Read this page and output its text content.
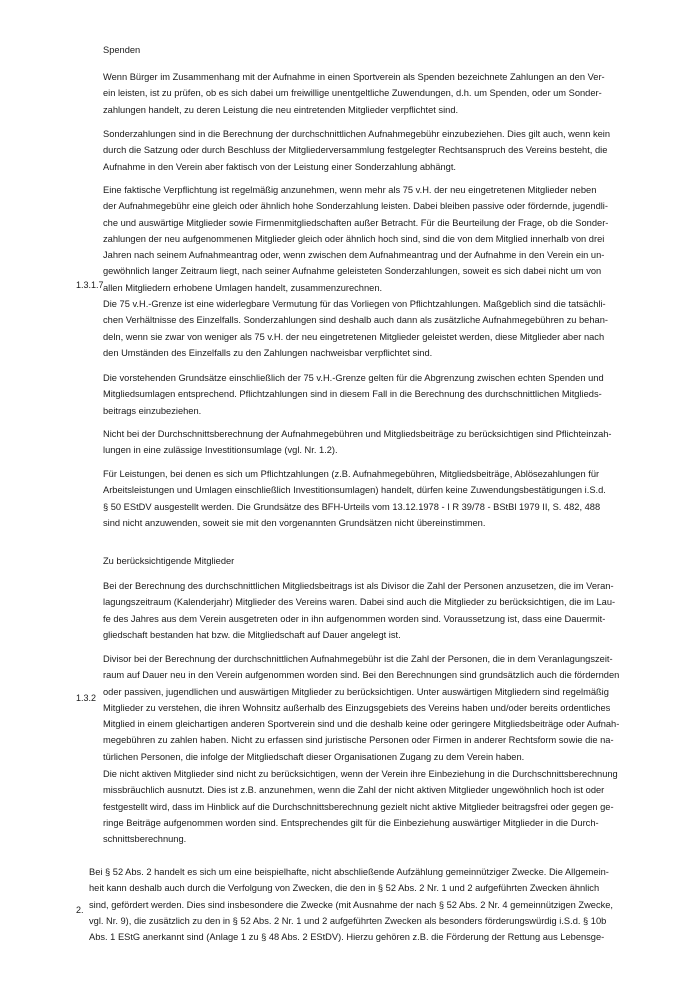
Spenden
1.3.1.7
Wenn Bürger im Zusammenhang mit der Aufnahme in einen Sportverein als Spenden bezeichnete Zahlungen an den Ver-
ein leisten, ist zu prüfen, ob es sich dabei um freiwillige unentgeltliche Zuwendungen, d.h. um Spenden, oder um Sonder-
zahlungen handelt, zu deren Leistung die neu eintretenden Mitglieder verpflichtet sind.
Sonderzahlungen sind in die Berechnung der durchschnittlichen Aufnahmegebühr einzubeziehen. Dies gilt auch, wenn kein
durch die Satzung oder durch Beschluss der Mitgliederversammlung festgelegter Rechtsanspruch des Vereins besteht, die
Aufnahme in den Verein aber faktisch von der Leistung einer Sonderzahlung abhängt.
Eine faktische Verpflichtung ist regelmäßig anzunehmen, wenn mehr als 75 v.H. der neu eingetretenen Mitglieder neben
der Aufnahmegebühr eine gleich oder ähnlich hohe Sonderzahlung leisten. Dabei bleiben passive oder fördernde, jugendli-
che und auswärtige Mitglieder sowie Firmenmitgliedschaften außer Betracht. Für die Beurteilung der Frage, ob die Sonder-
zahlungen der neu aufgenommenen Mitglieder gleich oder ähnlich hoch sind, sind die von dem Mitglied innerhalb von drei
Jahren nach seinem Aufnahmeantrag oder, wenn zwischen dem Aufnahmeantrag und der Aufnahme in den Verein ein un-
gewöhnlich langer Zeitraum liegt, nach seiner Aufnahme geleisteten Sonderzahlungen, soweit es sich dabei nicht um von
allen Mitgliedern erhobene Umlagen handelt, zusammenzurechnen.
Die 75 v.H.-Grenze ist eine widerlegbare Vermutung für das Vorliegen von Pflichtzahlungen. Maßgeblich sind die tatsächli-
chen Verhältnisse des Einzelfalls. Sonderzahlungen sind deshalb auch dann als zusätzliche Aufnahmegebühren zu behan-
deln, wenn sie zwar von weniger als 75 v.H. der neu eingetretenen Mitglieder geleistet werden, diese Mitglieder aber nach
den Umständen des Einzelfalls zu den Zahlungen nachweisbar verpflichtet sind.
Die vorstehenden Grundsätze einschließlich der 75 v.H.-Grenze gelten für die Abgrenzung zwischen echten Spenden und
Mitgliedsumlagen entsprechend. Pflichtzahlungen sind in diesem Fall in die Berechnung des durchschnittlichen Mitglieds-
beitrags einzubeziehen.
Nicht bei der Durchschnittsberechnung der Aufnahmegebühren und Mitgliedsbeiträge zu berücksichtigen sind Pflichteinzah-
lungen in eine zulässige Investitionsumlage (vgl. Nr. 1.2).
Für Leistungen, bei denen es sich um Pflichtzahlungen (z.B. Aufnahmegebühren, Mitgliedsbeiträge, Ablösezahlungen für
Arbeitsleistungen und Umlagen einschließlich Investitionsumlagen) handelt, dürfen keine Zuwendungsbestätigungen i.S.d.
§ 50 EStDV ausgestellt werden. Die Grundsätze des BFH-Urteils vom 13.12.1978 - I R 39/78 - BStBl 1979 II, S. 482, 488
sind nicht anzuwenden, soweit sie mit den vorgenannten Grundsätzen nicht übereinstimmen.
Zu berücksichtigende Mitglieder
1.3.2
Bei der Berechnung des durchschnittlichen Mitgliedsbeitrags ist als Divisor die Zahl der Personen anzusetzen, die im Veran-
lagungszeitraum (Kalenderjahr) Mitglieder des Vereins waren. Dabei sind auch die Mitglieder zu berücksichtigen, die im Lau-
fe des Jahres aus dem Verein ausgetreten oder in ihn aufgenommen worden sind. Voraussetzung ist, dass eine Dauermit-
gliedschaft bestanden hat bzw. die Mitgliedschaft auf Dauer angelegt ist.
Divisor bei der Berechnung der durchschnittlichen Aufnahmegebühr ist die Zahl der Personen, die in dem Veranlagungszeit-
raum auf Dauer neu in den Verein aufgenommen worden sind. Bei den Berechnungen sind grundsätzlich auch die fördernden
oder passiven, jugendlichen und auswärtigen Mitglieder zu berücksichtigen. Unter auswärtigen Mitgliedern sind regelmäßig
Mitglieder zu verstehen, die ihren Wohnsitz außerhalb des Einzugsgebiets des Vereins haben und/oder bereits ordentliches
Mitglied in einem gleichartigen anderen Sportverein sind und die deshalb keine oder geringere Mitgliedsbeiträge oder Aufnah-
megebühren zu zahlen haben. Nicht zu erfassen sind juristische Personen oder Firmen in anderer Rechtsform sowie die na-
türlichen Personen, die infolge der Mitgliedschaft dieser Organisationen Zugang zu dem Verein haben.
Die nicht aktiven Mitglieder sind nicht zu berücksichtigen, wenn der Verein ihre Einbeziehung in die Durchschnittsberechnung
missbräuchlich ausnutzt. Dies ist z.B. anzunehmen, wenn die Zahl der nicht aktiven Mitglieder ungewöhnlich hoch ist oder
festgestellt wird, dass im Hinblick auf die Durchschnittsberechnung gezielt nicht aktive Mitglieder beitragsfrei oder gegen ge-
ringe Beiträge aufgenommen worden sind. Entsprechendes gilt für die Einbeziehung auswärtiger Mitglieder in die Durch-
schnittsberechnung.
2.
Bei § 52 Abs. 2 handelt es sich um eine beispielhafte, nicht abschließende Aufzählung gemeinnütziger Zwecke. Die Allgemein-
heit kann deshalb auch durch die Verfolgung von Zwecken, die den in § 52 Abs. 2 Nr. 1 und 2 aufgeführten Zwecken ähnlich
sind, gefördert werden. Dies sind insbesondere die Zwecke (mit Ausnahme der nach § 52 Abs. 2 Nr. 4 gemeinnützigen Zwecke,
vgl. Nr. 9), die zusätzlich zu den in § 52 Abs. 2 Nr. 1 und 2 aufgeführten Zwecken als besonders förderungswürdig i.S.d. § 10b
Abs. 1 EStG anerkannt sind (Anlage 1 zu § 48 Abs. 2 EStDV). Hierzu gehören z.B. die Förderung der Rettung aus Lebensge-
